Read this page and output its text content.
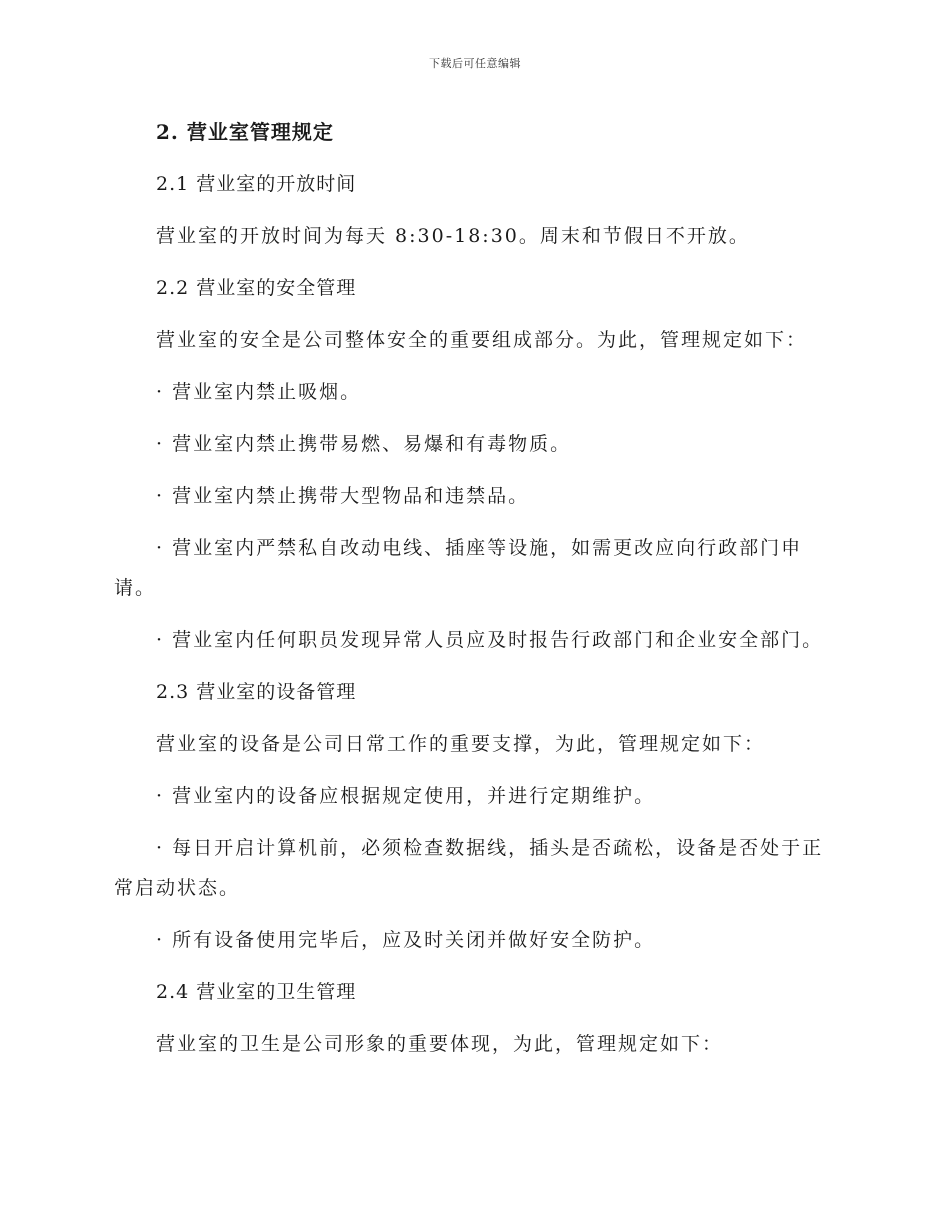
下载后可任意编辑

2. 营业室管理规定

2.1 营业室的开放时间

营业室的开放时间为每天 8:30-18:30。周末和节假日不开放。

2.2 营业室的安全管理

营业室的安全是公司整体安全的重要组成部分。为此，管理规定如下：

· 营业室内禁止吸烟。

· 营业室内禁止携带易燃、易爆和有毒物质。

· 营业室内禁止携带大型物品和违禁品。

· 营业室内严禁私自改动电线、插座等设施，如需更改应向行政部门申请。

· 营业室内任何职员发现异常人员应及时报告行政部门和企业安全部门。

2.3 营业室的设备管理

营业室的设备是公司日常工作的重要支撑，为此，管理规定如下：

· 营业室内的设备应根据规定使用，并进行定期维护。

· 每日开启计算机前，必须检查数据线，插头是否疏松，设备是否处于正常启动状态。

· 所有设备使用完毕后，应及时关闭并做好安全防护。

2.4 营业室的卫生管理

营业室的卫生是公司形象的重要体现，为此，管理规定如下：
